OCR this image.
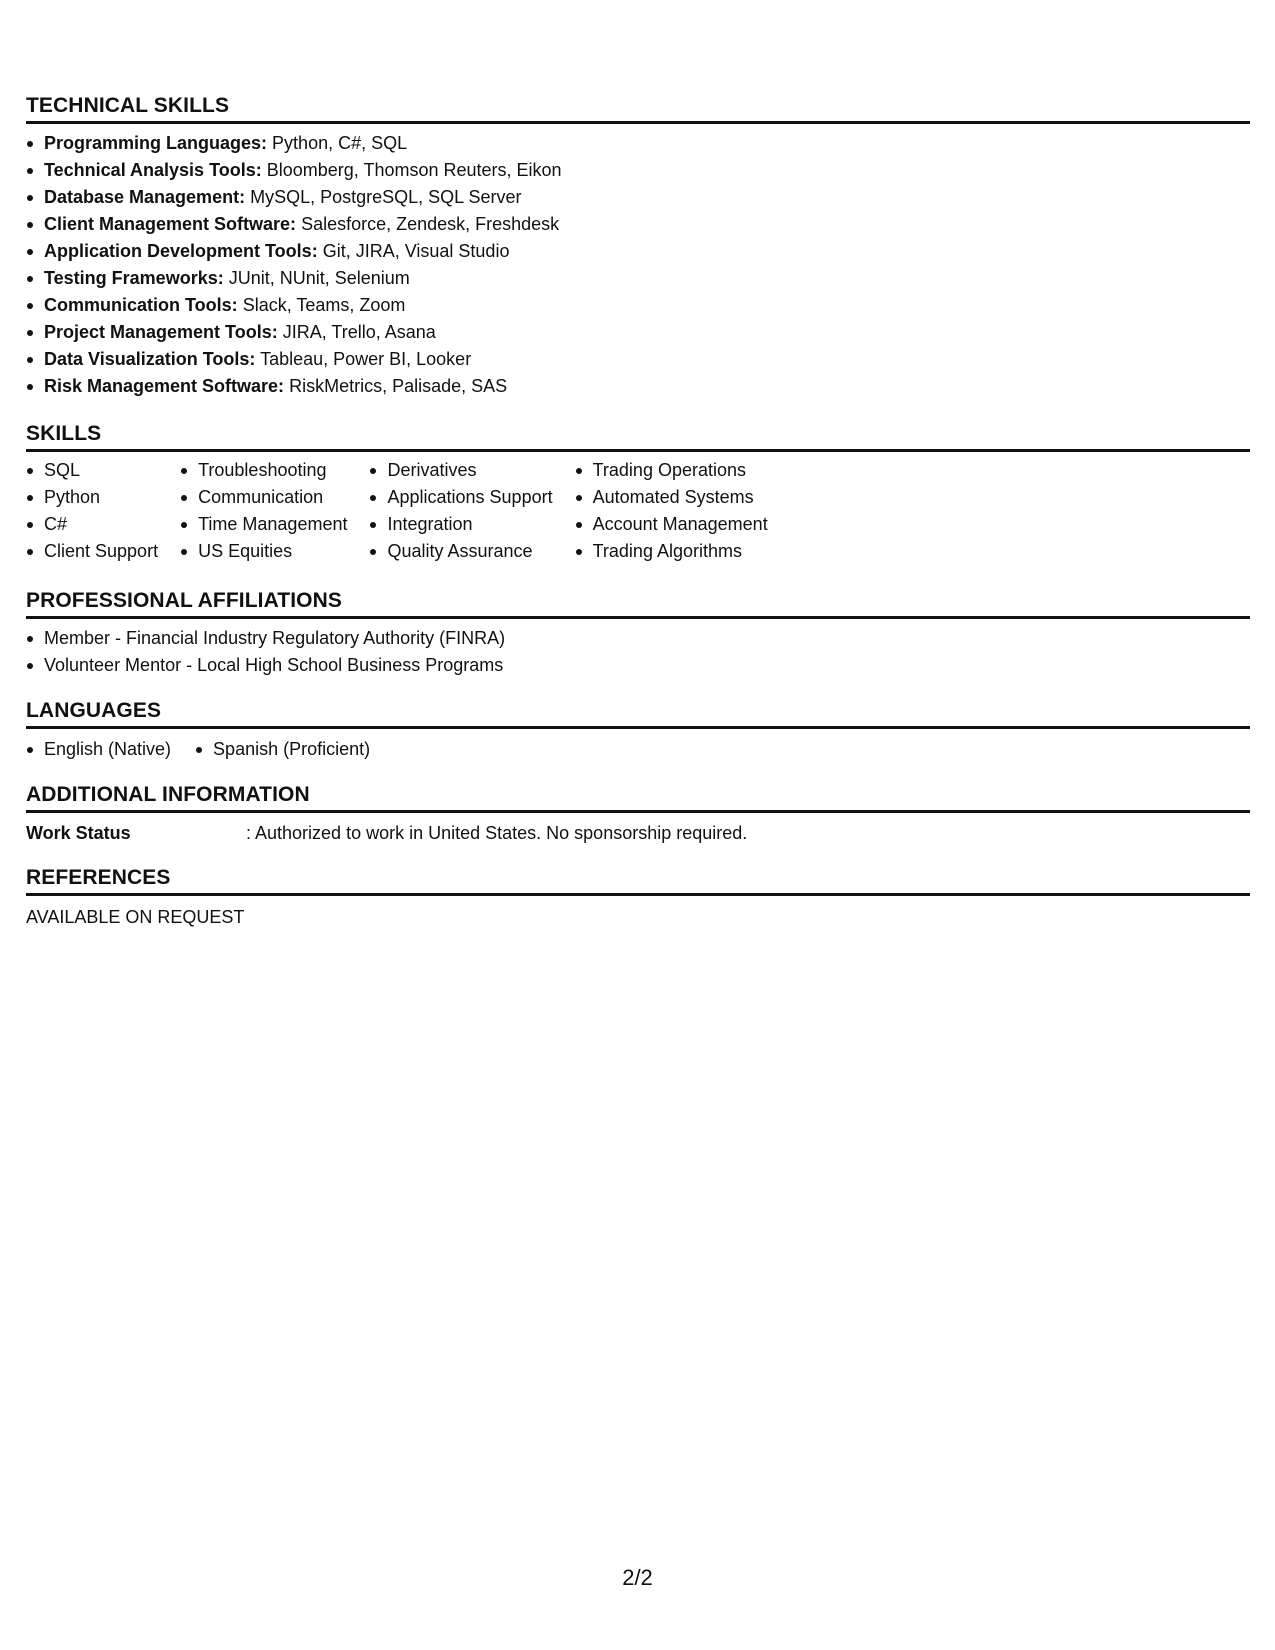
TECHNICAL SKILLS
Programming Languages: Python, C#, SQL
Technical Analysis Tools: Bloomberg, Thomson Reuters, Eikon
Database Management: MySQL, PostgreSQL, SQL Server
Client Management Software: Salesforce, Zendesk, Freshdesk
Application Development Tools: Git, JIRA, Visual Studio
Testing Frameworks: JUnit, NUnit, Selenium
Communication Tools: Slack, Teams, Zoom
Project Management Tools: JIRA, Trello, Asana
Data Visualization Tools: Tableau, Power BI, Looker
Risk Management Software: RiskMetrics, Palisade, SAS
SKILLS
SQL
Python
C#
Client Support
Troubleshooting
Communication
Time Management
US Equities
Derivatives
Applications Support
Integration
Quality Assurance
Trading Operations
Automated Systems
Account Management
Trading Algorithms
PROFESSIONAL AFFILIATIONS
Member - Financial Industry Regulatory Authority (FINRA)
Volunteer Mentor - Local High School Business Programs
LANGUAGES
English (Native)	Spanish (Proficient)
ADDITIONAL INFORMATION
Work Status	: Authorized to work in United States. No sponsorship required.
REFERENCES
AVAILABLE ON REQUEST
2/2
